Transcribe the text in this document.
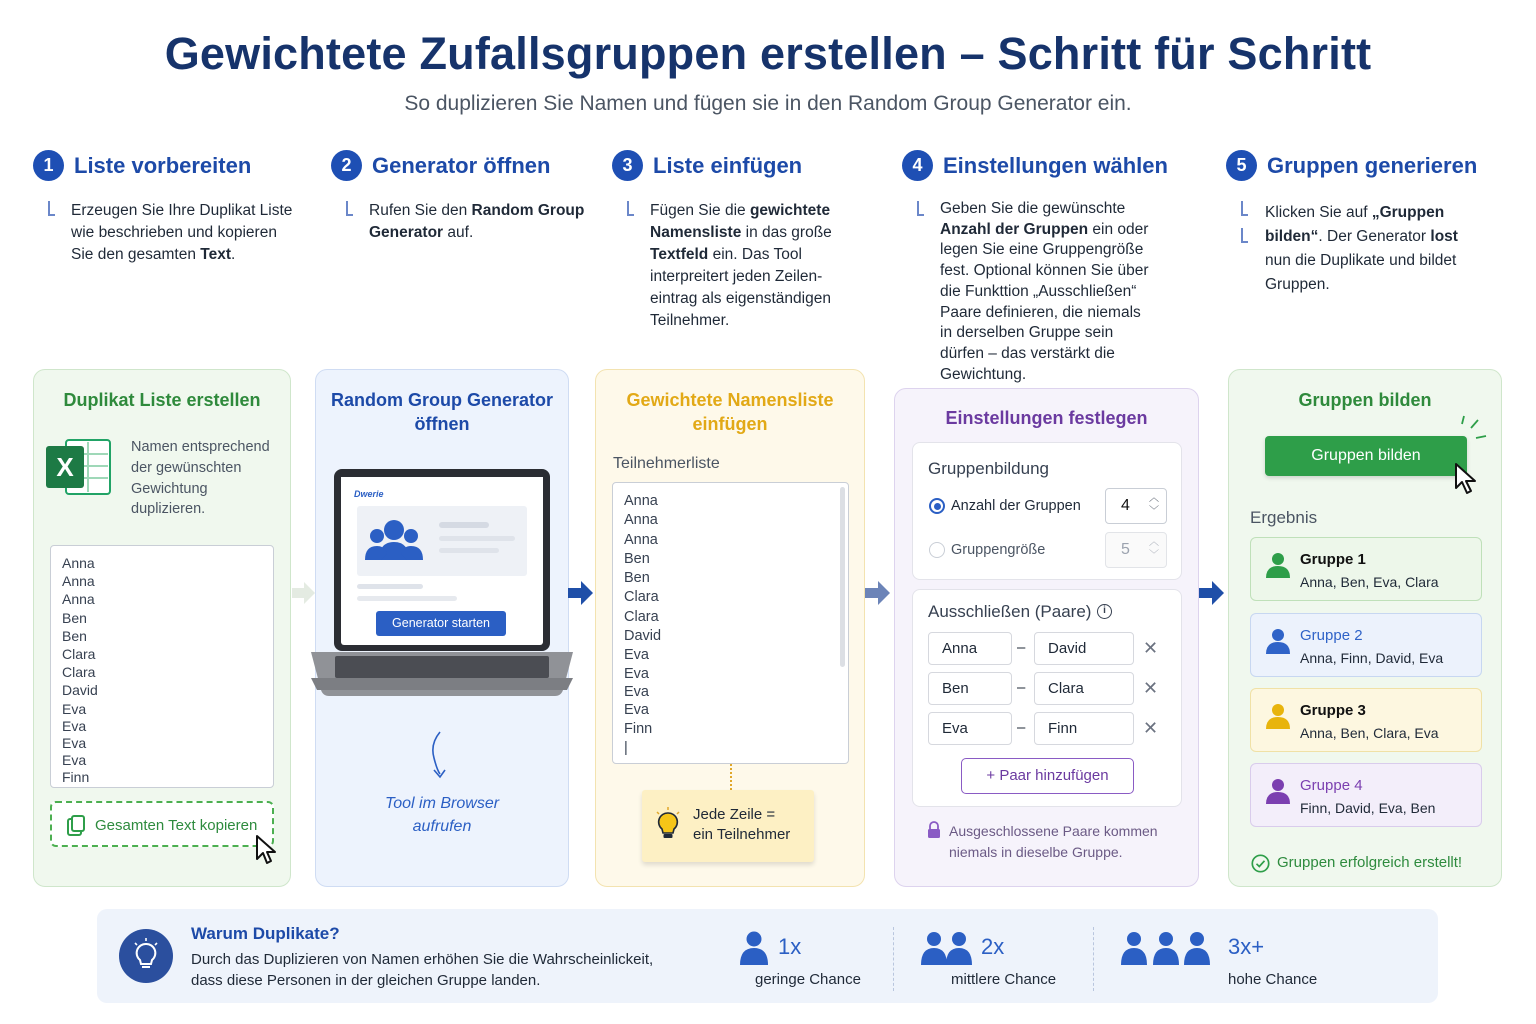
Gewichtete Zufallsgruppen erstellen – Schritt für Schritt
So duplizieren Sie Namen und fügen sie in den Random Group Generator ein.
1 Liste vorbereiten
Erzeugen Sie Ihre Duplikat Liste
wie beschrieben und kopieren
Sie den gesamten Text.
2 Generator öffnen
Rufen Sie den Random Group
Generator auf.
3 Liste einfügen
Fügen Sie die gewichtete
Namensliste in das große
Textfeld ein. Das Tool
interpreitert jeden Zeilen-
eintrag als eigenständigen
Teilnehmer.
4 Einstellungen wählen
Geben Sie die gewünschte
Anzahl der Gruppen ein oder
legen Sie eine Gruppengröße
fest. Optional können Sie über
die Funkttion „Ausschließen“
Paare definieren, die niemals
in derselben Gruppe sein
dürfen – das verstärkt die
Gewichtung.
5 Gruppen generieren
Klicken Sie auf „Gruppen
bilden“. Der Generator lost
nun die Duplikate und bildet
Gruppen.
Duplikat Liste erstellen
X
Namen entsprechend
der gewünschten
Gewichtung
duplizieren.
Anna
Anna
Anna
Ben
Ben
Clara
Clara
David
Eva
Eva
Eva
Eva
Finn
Gesamten Text kopieren
Random Group Generator
öffnen
Dwerie
Generator starten
Tool im Browser
aufrufen
Gewichtete Namensliste
einfügen
Teilnehmerliste
Anna
Anna
Anna
Ben
Ben
Clara
Clara
David
Eva
Eva
Eva
Eva
Finn
|
Jede Zeile =
ein Teilnehmer
Einstellungen festlegen
Gruppenbildung
Anzahl der Gruppen	4 ︿
﹀
Gruppengröße	5 ︿
﹀
Ausschließen (Paare)	i
Anna	–	David	✕
Ben	–	Clara	✕
Eva	–	Finn	✕
+ Paar hinzufügen
Ausgeschlossene Paare kommen
niemals in dieselbe Gruppe.
Gruppen bilden
Gruppen bilden
Ergebnis
Gruppe 1
Anna, Ben, Eva, Clara
Gruppe 2
Anna, Finn, David, Eva
Gruppe 3
Anna, Ben, Clara, Eva
Gruppe 4
Finn, David, Eva, Ben
Gruppen erfolgreich erstellt!
Warum Duplikate?
Durch das Duplizieren von Namen erhöhen Sie die Wahrscheinlickeit,
dass diese Personen in der gleichen Gruppe landen.
1x
geringe Chance
2x
mittlere Chance
3x+
hohe Chance
